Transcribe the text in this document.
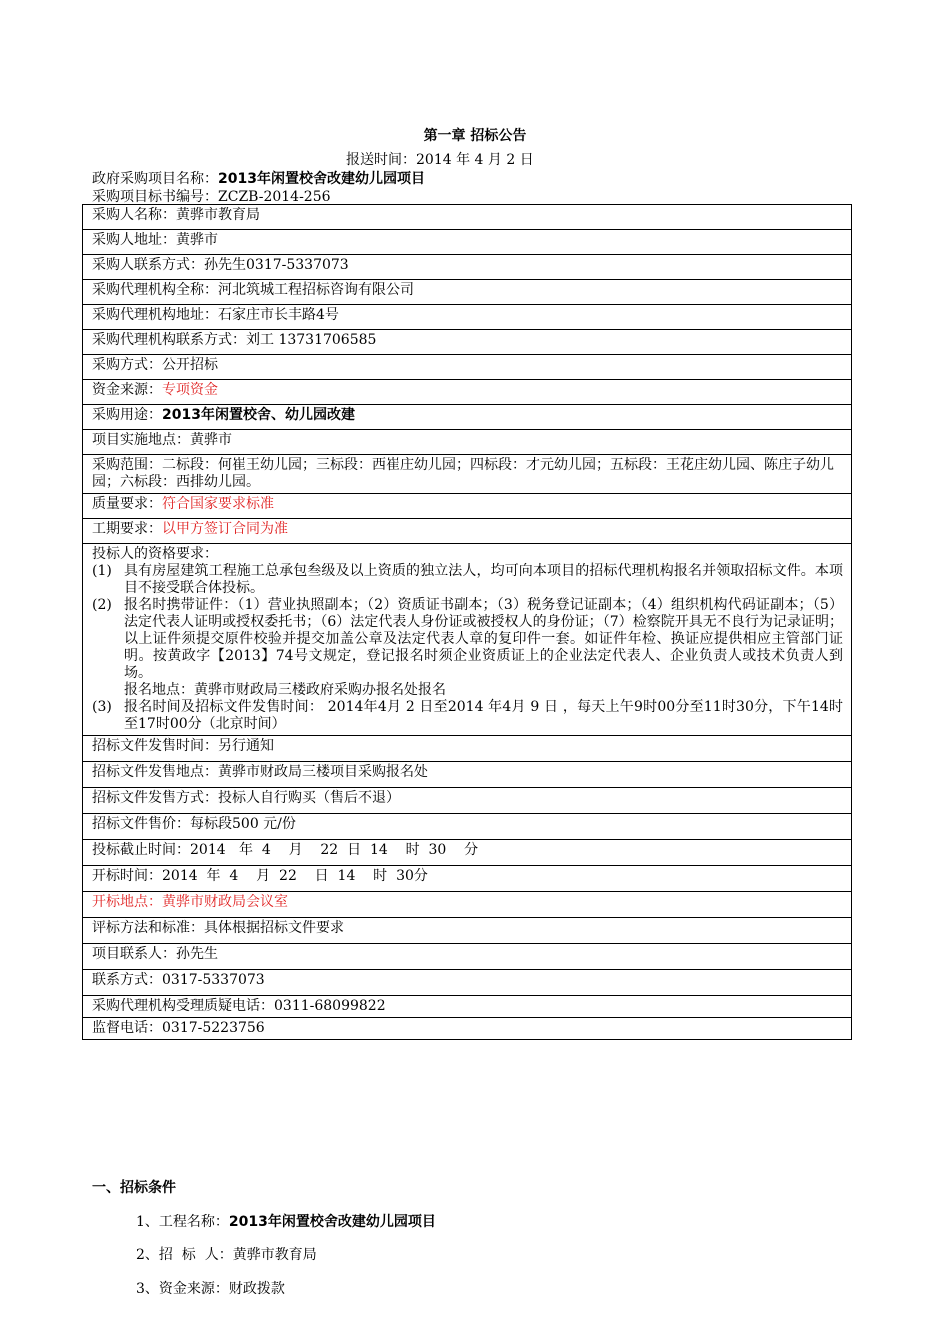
第一章 招标公告
报送时间：2014 年 4 月 2 日
政府采购项目名称：2013年闲置校舍改建幼儿园项目
采购项目标书编号：ZCZB-2014-256
采购人名称：黄骅市教育局
采购人地址：黄骅市
采购人联系方式：孙先生0317-5337073
采购代理机构全称：河北筑城工程招标咨询有限公司
采购代理机构地址：石家庄市长丰路4号
采购代理机构联系方式：刘工 13731706585
采购方式：公开招标
资金来源：专项资金
采购用途：2013年闲置校舍、幼儿园改建
项目实施地点：黄骅市
采购范围：二标段：何崔王幼儿园；三标段：西崔庄幼儿园；四标段：才元幼儿园；五标段：王花庄幼儿园、陈庄子幼儿园；六标段：西排幼儿园。
质量要求：符合国家要求标准
工期要求：以甲方签订合同为准

投标人的资格要求：
(1) 具有房屋建筑工程施工总承包叁级及以上资质的独立法人，均可向本项目的招标代理机构报名并领取招标文件。本项目不接受联合体投标。
(2) 报名时携带证件：（1）营业执照副本；（2）资质证书副本；（3）税务登记证副本；（4）组织机构代码证副本；（5）法定代表人证明或授权委托书；（6）法定代表人身份证或被授权人的身份证；（7）检察院开具无不良行为记录证明；以上证件须提交原件校验并提交加盖公章及法定代表人章的复印件一套。如证件年检、换证应提供相应主管部门证明。按黄政字【2013】74号文规定，登记报名时须企业资质证上的企业法定代表人、企业负责人或技术负责人到场。
报名地点：黄骅市财政局三楼政府采购办报名处报名
(3) 报名时间及招标文件发售时间： 2014年4月 2 日至2014 年4月 9 日 ，每天上午9时00分至11时30分，下午14时至17时00分（北京时间）

招标文件发售时间：另行通知
招标文件发售地点：黄骅市财政局三楼项目采购报名处
招标文件发售方式：投标人自行购买（售后不退）
招标文件售价：每标段500 元/份
投标截止时间：2014   年  4    月    22  日  14    时  30    分
开标时间：2014  年  4    月  22    日  14    时  30分
开标地点：黄骅市财政局会议室
评标方法和标准：具体根据招标文件要求
项目联系人：孙先生
联系方式：0317-5337073
采购代理机构受理质疑电话：0311-68099822
监督电话：0317-5223756
一、招标条件
1、工程名称：2013年闲置校舍改建幼儿园项目
2、招  标  人：黄骅市教育局
3、资金来源：财政拨款
